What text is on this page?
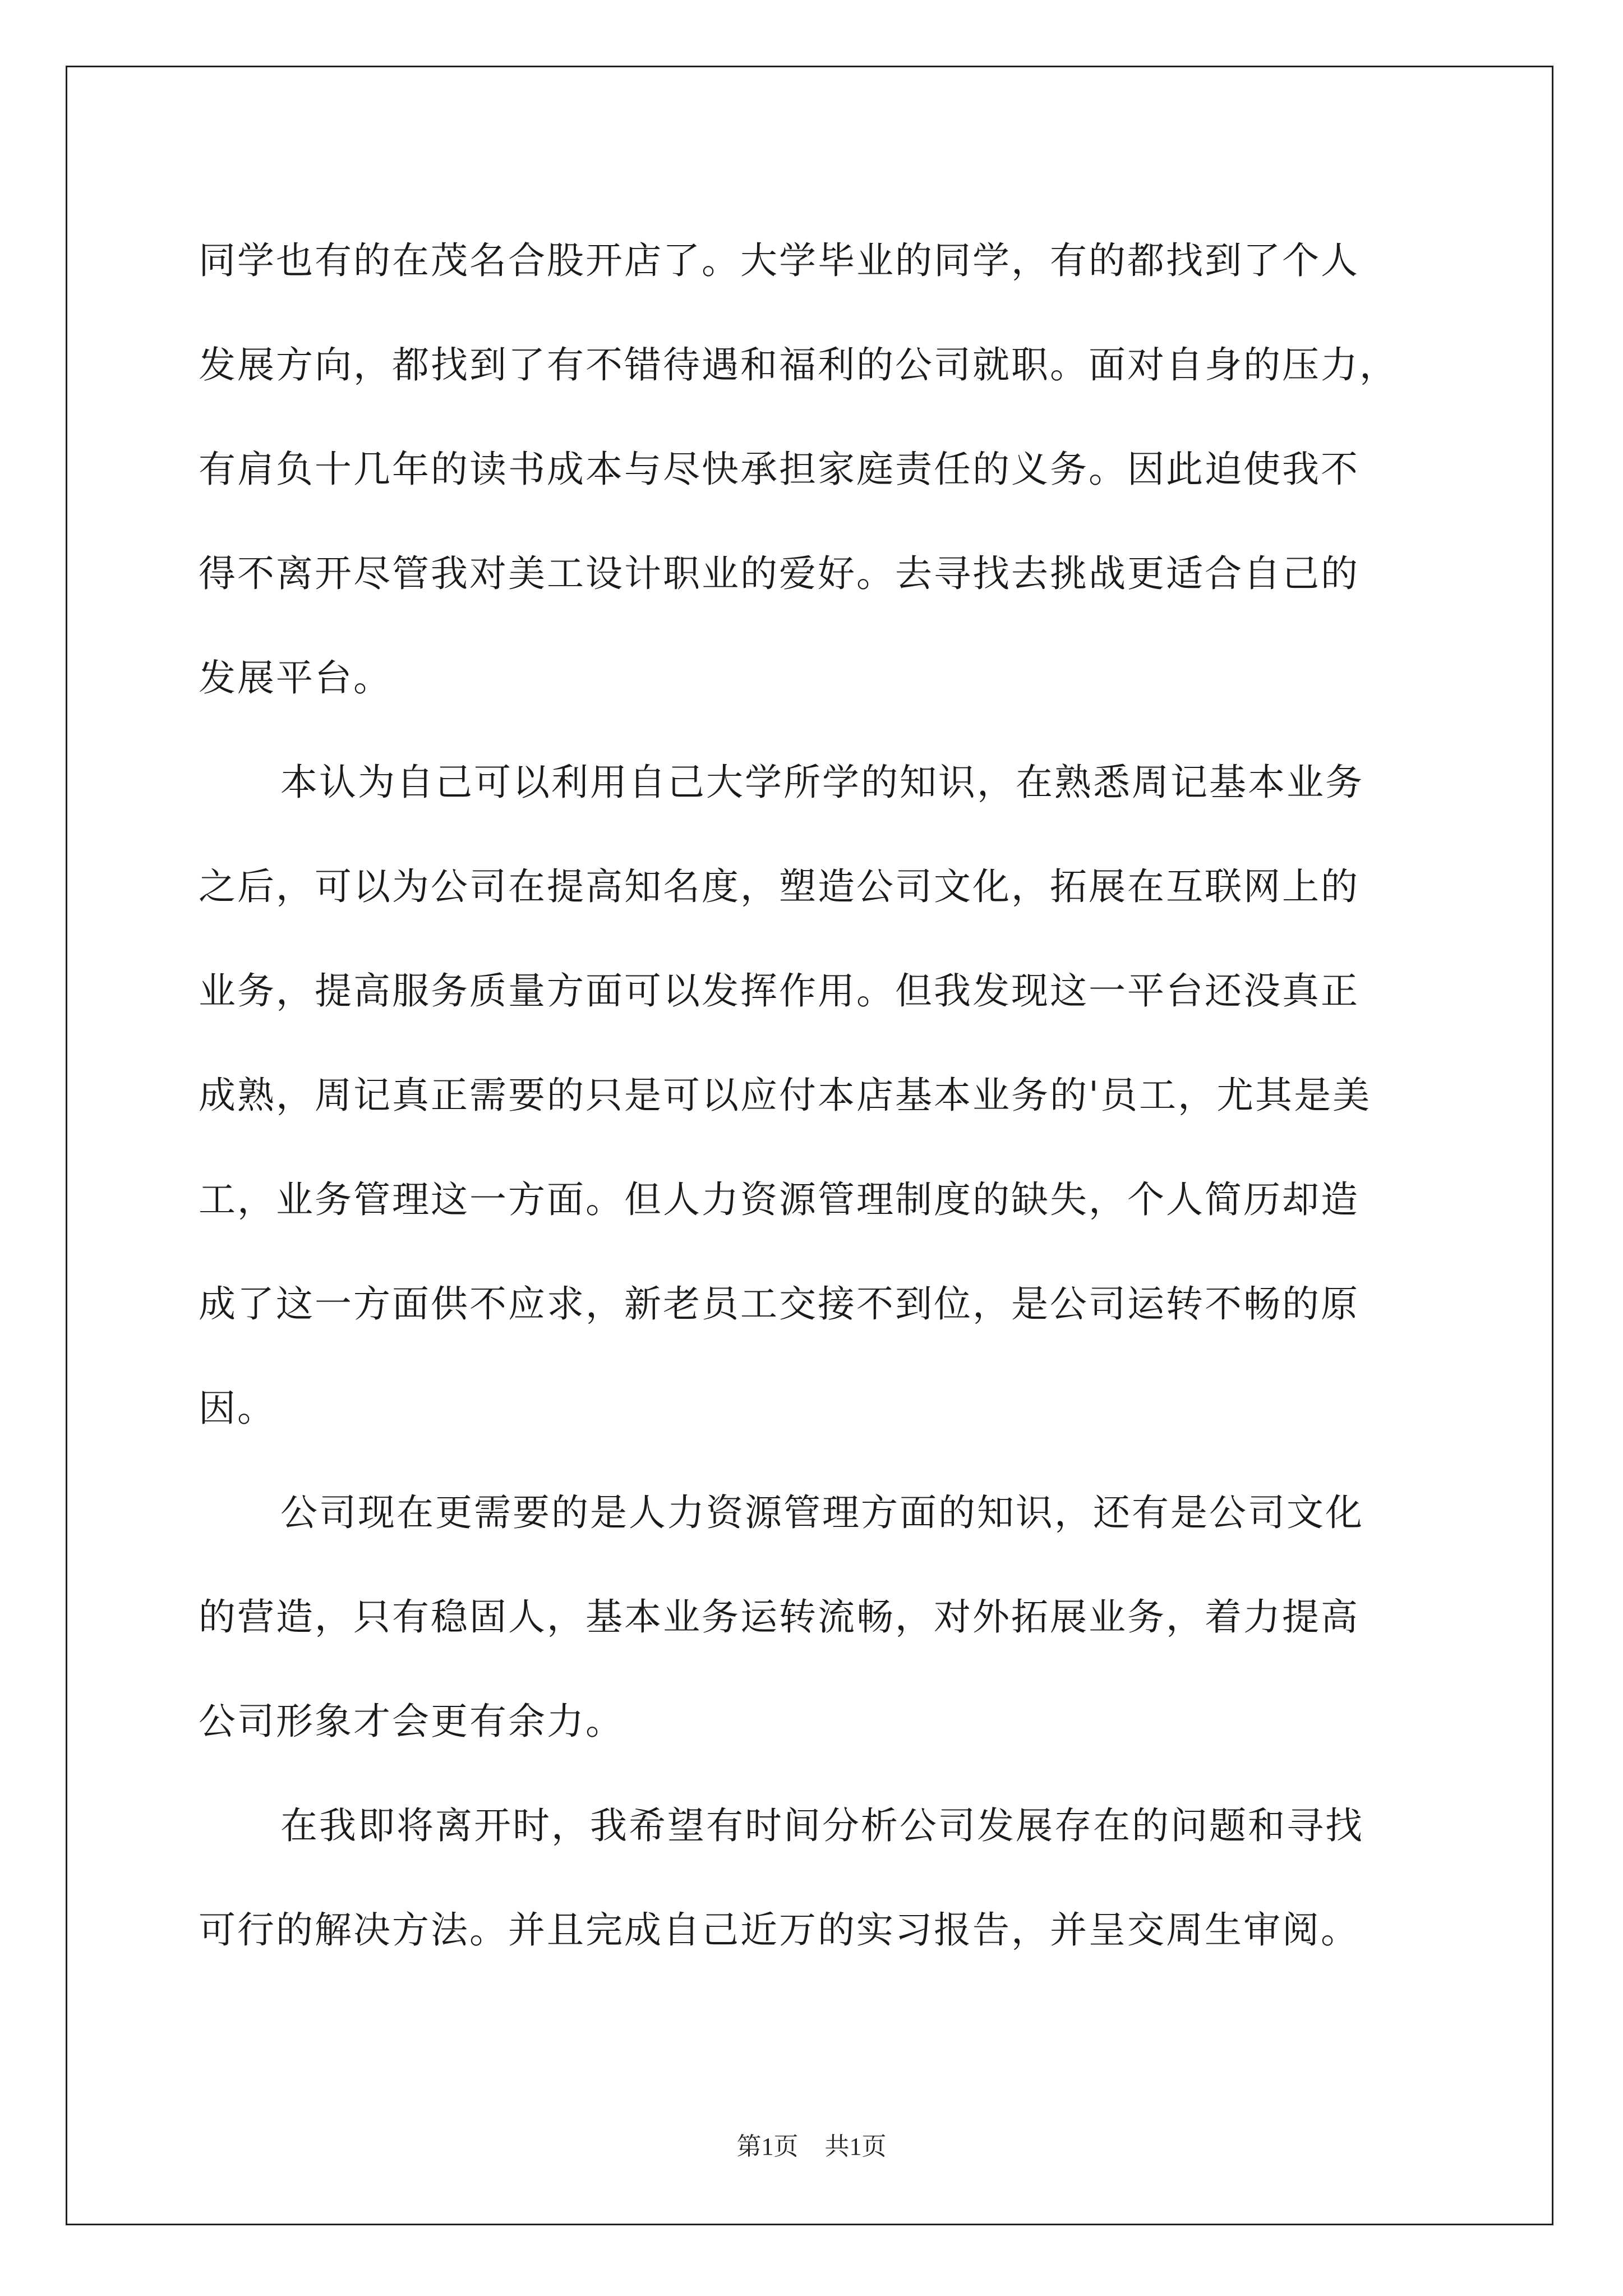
同学也有的在茂名合股开店了。大学毕业的同学，有的都找到了个人
发展方向，都找到了有不错待遇和福利的公司就职。面对自身的压力，
有肩负十几年的读书成本与尽快承担家庭责任的义务。因此迫使我不
得不离开尽管我对美工设计职业的爱好。去寻找去挑战更适合自己的
发展平台。

本认为自己可以利用自己大学所学的知识，在熟悉周记基本业务
之后，可以为公司在提高知名度，塑造公司文化，拓展在互联网上的
业务，提高服务质量方面可以发挥作用。但我发现这一平台还没真正
成熟，周记真正需要的只是可以应付本店基本业务的'员工，尤其是美
工，业务管理这一方面。但人力资源管理制度的缺失，个人简历却造
成了这一方面供不应求，新老员工交接不到位，是公司运转不畅的原
因。

公司现在更需要的是人力资源管理方面的知识，还有是公司文化
的营造，只有稳固人，基本业务运转流畅，对外拓展业务，着力提高
公司形象才会更有余力。

在我即将离开时，我希望有时间分析公司发展存在的问题和寻找
可行的解决方法。并且完成自己近万的实习报告，并呈交周生审阅。

第1页 共1页
